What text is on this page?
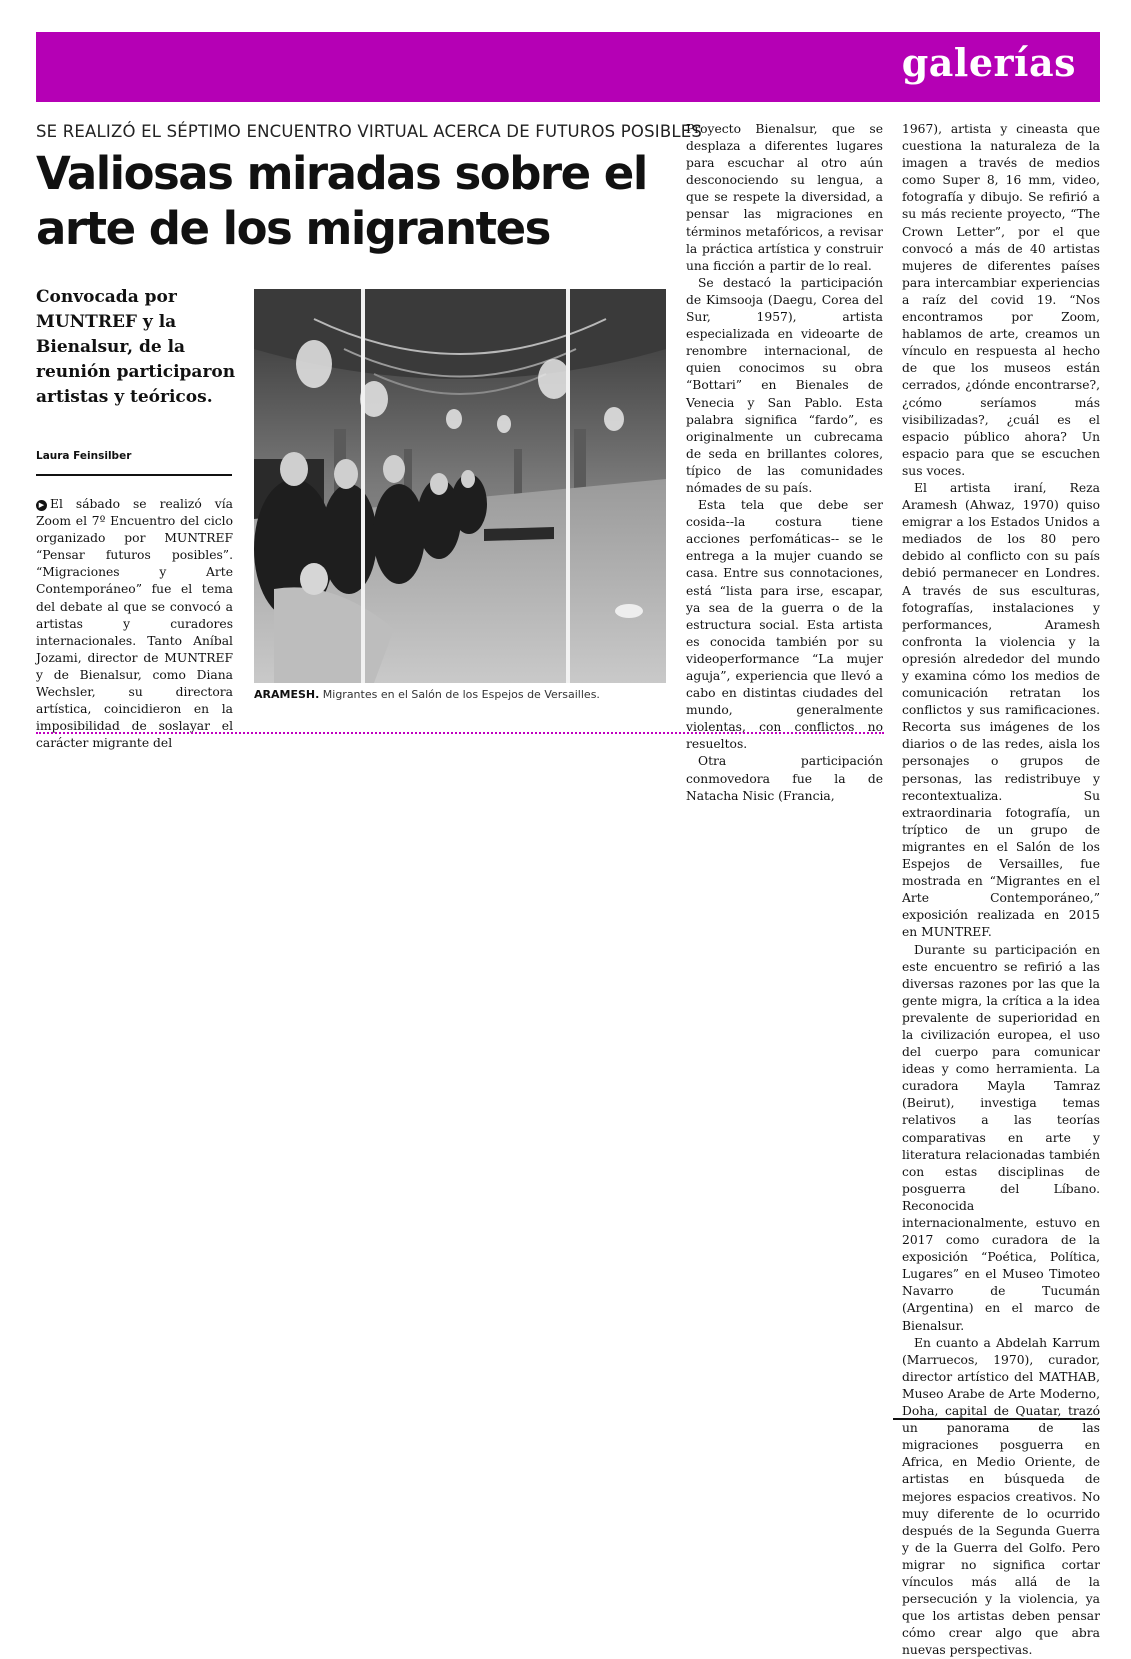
galerías

SE REALIZÓ EL SÉPTIMO ENCUENTRO VIRTUAL ACERCA DE FUTUROS POSIBLES

Valiosas miradas sobre el arte de los migrantes

Convocada por MUNTREF y la Bienalsur, de la reunión participaron artistas y teóricos.

Laura Feinsilber

▶ El sábado se realizó vía Zoom el 7º Encuentro del ciclo organizado por MUNTREF “Pensar futuros posibles”. “Migraciones y Arte Contemporáneo” fue el tema del debate al que se convocó a artistas y curadores internacionales. Tanto Aníbal Jozami, director de MUNTREF y de Bienalsur, como Diana Wechsler, su directora artística, coincidieron en la imposibilidad de soslayar el carácter migrante del

ARAMESH. Migrantes en el Salón de los Espejos de Versailles.

Proyecto Bienalsur, que se desplaza a diferentes lugares para escuchar al otro aún desconociendo su lengua, a que se respete la diversidad, a pensar las migraciones en términos metafóricos, a revisar la práctica artística y construir una ficción a partir de lo real.

Se destacó la participación de Kimsooja (Daegu, Corea del Sur, 1957), artista especializada en videoarte de renombre internacional, de quien conocimos su obra “Bottari” en Bienales de Venecia y San Pablo. Esta palabra significa “fardo”, es originalmente un cubrecama de seda en brillantes colores, típico de las comunidades nómades de su país.

Esta tela que debe ser cosida--la costura tiene acciones perfomáticas-- se le entrega a la mujer cuando se casa. Entre sus connotaciones, está “lista para irse, escapar, ya sea de la guerra o de la estructura social. Esta artista es conocida también por su videoperformance “La mujer aguja”, experiencia que llevó a cabo en distintas ciudades del mundo, generalmente violentas, con conflictos no resueltos.

Otra participación conmovedora fue la de Natacha Nisic (Francia,

1967), artista y cineasta que cuestiona la naturaleza de la imagen a través de medios como Super 8, 16 mm, video, fotografía y dibujo. Se refirió a su más reciente proyecto, “The Crown Letter”, por el que convocó a más de 40 artistas mujeres de diferentes países para intercambiar experiencias a raíz del covid 19. “Nos encontramos por Zoom, hablamos de arte, creamos un vínculo en respuesta al hecho de que los museos están cerrados, ¿dónde encontrarse?, ¿cómo seríamos más visibilizadas?, ¿cuál es el espacio público ahora? Un espacio para que se escuchen sus voces.

El artista iraní, Reza Aramesh (Ahwaz, 1970) quiso emigrar a los Estados Unidos a mediados de los 80 pero debido al conflicto con su país debió permanecer en Londres. A través de sus esculturas, fotografías, instalaciones y performances, Aramesh confronta la violencia y la opresión alrededor del mundo y examina cómo los medios de comunicación retratan los conflictos y sus ramificaciones. Recorta sus imágenes de los diarios o de las redes, aisla los personajes o grupos de personas, las redistribuye y recontextualiza. Su extraordinaria fotografía, un tríptico de un grupo de migrantes en el Salón de los Espejos de Versailles, fue mostrada en “Migrantes en el Arte Contemporáneo,” exposición realizada en 2015 en MUNTREF.

Durante su participación en este encuentro se refirió a las diversas razones por las que la gente migra, la crítica a la idea prevalente de superioridad en la civilización europea, el uso del cuerpo para comunicar ideas y como herramienta. La curadora Mayla Tamraz (Beirut), investiga temas relativos a las teorías comparativas en arte y literatura relacionadas también con estas disciplinas de posguerra del Líbano. Reconocida internacionalmente, estuvo en 2017 como curadora de la exposición “Poética, Política, Lugares” en el Museo Timoteo Navarro de Tucumán (Argentina) en el marco de Bienalsur.

En cuanto a Abdelah Karrum (Marruecos, 1970), curador, director artístico del MATHAB, Museo Arabe de Arte Moderno, Doha, capital de Quatar, trazó un panorama de las migraciones posguerra en Africa, en Medio Oriente, de artistas en búsqueda de mejores espacios creativos. No muy diferente de lo ocurrido después de la Segunda Guerra y de la Guerra del Golfo. Pero migrar no significa cortar vínculos más allá de la persecución y la violencia, ya que los artistas deben pensar cómo crear algo que abra nuevas perspectivas.
